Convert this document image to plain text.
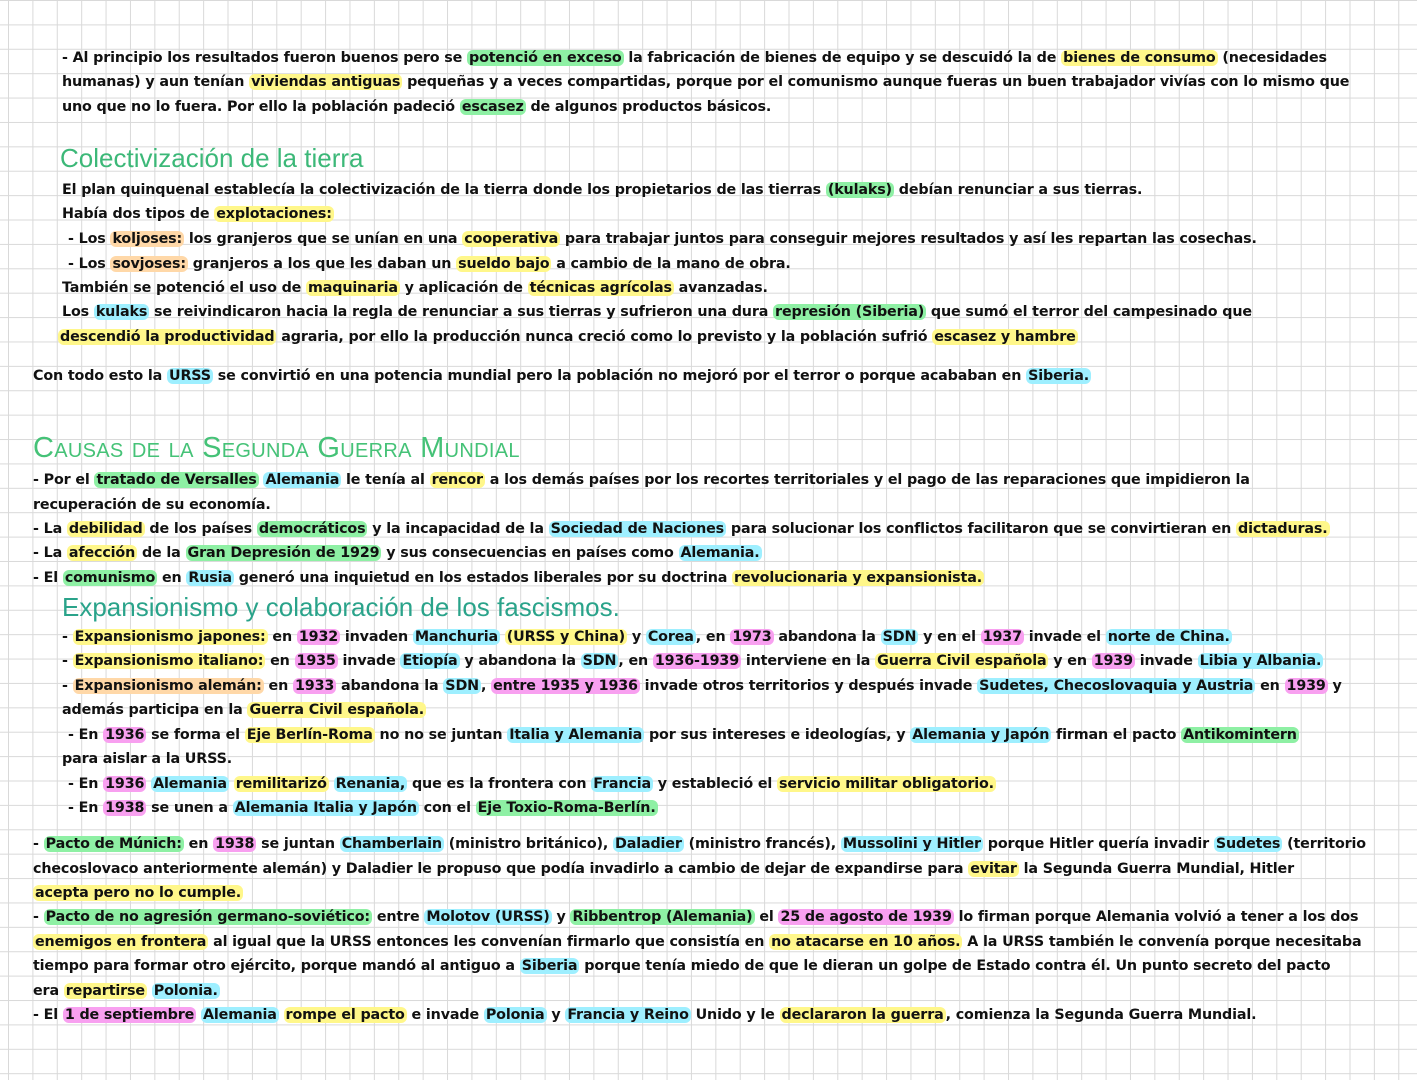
Colectivización de la tierra
Causas de la Segunda Guerra Mundial
Expansionismo y colaboración de los fascismos.
- Al principio los resultados fueron buenos pero se potenció en exceso la fabricación de bienes de equipo y se descuidó la de bienes de consumo (necesidades
humanas) y aun tenían viviendas antiguas pequeñas y a veces compartidas, porque por el comunismo aunque fueras un buen trabajador vivías con lo mismo que
uno que no lo fuera. Por ello la población padeció escasez de algunos productos básicos.
El plan quinquenal establecía la colectivización de la tierra donde los propietarios de las tierras (kulaks) debían renunciar a sus tierras.
Había dos tipos de explotaciones:
- Los koljoses: los granjeros que se unían en una cooperativa para trabajar juntos para conseguir mejores resultados y así les repartan las cosechas.
- Los sovjoses: granjeros a los que les daban un sueldo bajo a cambio de la mano de obra.
También se potenció el uso de maquinaria y aplicación de técnicas agrícolas avanzadas.
Los kulaks se reivindicaron hacia la regla de renunciar a sus tierras y sufrieron una dura represión (Siberia) que sumó el terror del campesinado que
descendió la productividad agraria, por ello la producción nunca creció como lo previsto y la población sufrió escasez y hambre
Con todo esto la URSS se convirtió en una potencia mundial pero la población no mejoró por el terror o porque acababan en Siberia.
- Por el tratado de Versalles Alemania le tenía al rencor a los demás países por los recortes territoriales y el pago de las reparaciones que impidieron la
recuperación de su economía.
- La debilidad de los países democráticos y la incapacidad de la Sociedad de Naciones para solucionar los conflictos facilitaron que se convirtieran en dictaduras.
- La afección de la Gran Depresión de 1929 y sus consecuencias en países como Alemania.
- El comunismo en Rusia generó una inquietud en los estados liberales por su doctrina revolucionaria y expansionista.
- Expansionismo japones: en 1932 invaden Manchuria (URSS y China) y Corea , en 1973 abandona la SDN y en el 1937 invade el norte de China.
- Expansionismo italiano: en 1935 invade Etiopía y abandona la SDN , en 1936-1939 interviene en la Guerra Civil española y en 1939 invade Libia y Albania.
- Expansionismo alemán: en 1933 abandona la SDN , entre 1935 y 1936 invade otros territorios y después invade Sudetes, Checoslovaquia y Austria en 1939 y
además participa en la Guerra Civil española.
- En 1936 se forma el Eje Berlín-Roma no no se juntan Italia y Alemania por sus intereses e ideologías, y Alemania y Japón firman el pacto Antikomintern
para aislar a la URSS.
- En 1936 Alemania remilitarizó Renania, que es la frontera con Francia y estableció el servicio militar obligatorio.
- En 1938 se unen a Alemania Italia y Japón con el Eje Toxio-Roma-Berlín.
- Pacto de Múnich: en 1938 se juntan Chamberlain (ministro británico), Daladier (ministro francés), Mussolini y Hitler porque Hitler quería invadir Sudetes (territorio
checoslovaco anteriormente alemán) y Daladier le propuso que podía invadirlo a cambio de dejar de expandirse para evitar la Segunda Guerra Mundial, Hitler
acepta pero no lo cumple.
- Pacto de no agresión germano-soviético: entre Molotov (URSS) y Ribbentrop (Alemania) el 25 de agosto de 1939 lo firman porque Alemania volvió a tener a los dos
enemigos en frontera al igual que la URSS entonces les convenían firmarlo que consistía en no atacarse en 10 años. A la URSS también le convenía porque necesitaba
tiempo para formar otro ejército, porque mandó al antiguo a Siberia porque tenía miedo de que le dieran un golpe de Estado contra él. Un punto secreto del pacto
era repartirse Polonia.
- El 1 de septiembre Alemania rompe el pacto e invade Polonia y Francia y Reino Unido y le declararon la guerra , comienza la Segunda Guerra Mundial.
